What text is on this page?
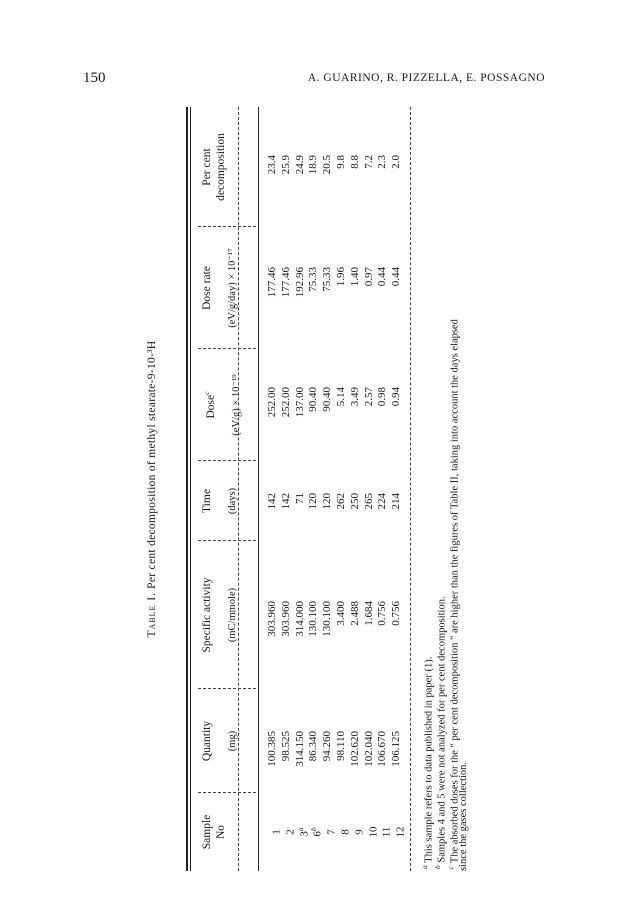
150	A. GUARINO, R. PIZZELLA, E. POSSAGNO
Table I. Per cent decomposition of methyl stearate-9-10-³H
Sample No
Quantity (mg)
Specific activity (mC/mmole)
Time (days)
Dose$^c$ (eV/g) × 10⁻¹⁹
Dose rate (eV/g/day) × 10⁻¹⁷
Per cent decomposition
1
100.385
303.960
142
252.00
177.46
23.4
2
98.525
303.960
142
252.00
177.46
25.9
3$^a$
314.150
314.000
71
137.00
192.96
24.9
6$^b$
86.340
130.100
120
90.40
75.33
18.9
7
94.260
130.100
120
90.40
75.33
20.5
8
98.110
3.400
262
5.14
1.96
9.8
9
102.620
2.488
250
3.49
1.40
8.8
10
102.040
1.684
265
2.57
0.97
7.2
11
106.670
0.756
224
0.98
0.44
2.3
12
106.125
0.756
214
0.94
0.44
2.0
$^a$ This sample refers to data published in paper (1).
$^b$ Samples 4 and 5 were not analyzed for per cent decomposition.
$^c$ The absorbed doses for the " per cent decomposition " are higher than the figures of Table II, taking into account the days elapsed
since the gases collection.
